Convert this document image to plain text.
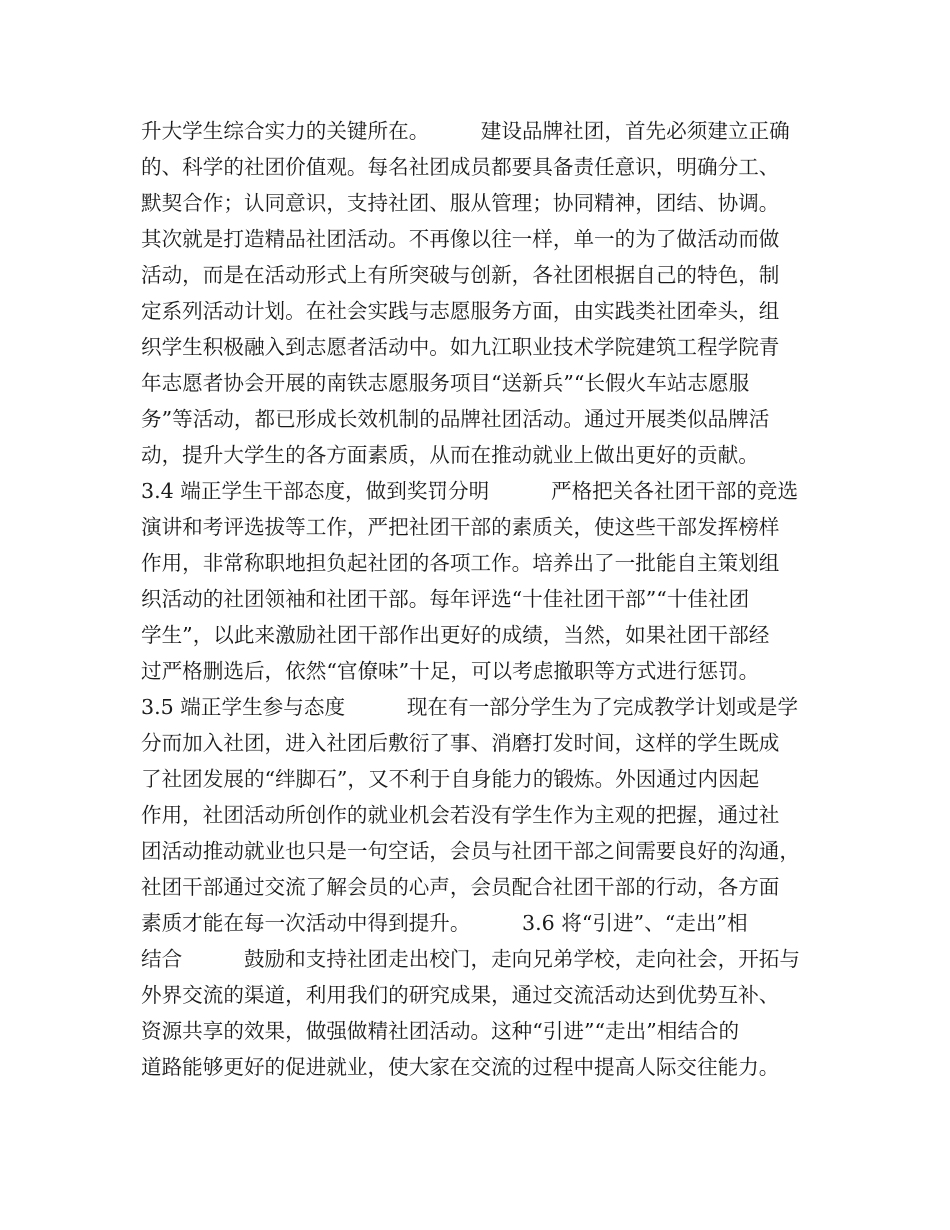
升大学生综合实力的关键所在。　　　建设品牌社团，首先必须建立正确
的、科学的社团价值观。每名社团成员都要具备责任意识，明确分工、
默契合作；认同意识，支持社团、服从管理；协同精神，团结、协调。
其次就是打造精品社团活动。不再像以往一样，单一的为了做活动而做
活动，而是在活动形式上有所突破与创新，各社团根据自己的特色，制
定系列活动计划。在社会实践与志愿服务方面，由实践类社团牵头，组
织学生积极融入到志愿者活动中。如九江职业技术学院建筑工程学院青
年志愿者协会开展的南铁志愿服务项目“送新兵”“长假火车站志愿服
务”等活动，都已形成长效机制的品牌社团活动。通过开展类似品牌活
动，提升大学生的各方面素质，从而在推动就业上做出更好的贡献。
3.4 端正学生干部态度，做到奖罚分明　　　严格把关各社团干部的竞选
演讲和考评选拔等工作，严把社团干部的素质关，使这些干部发挥榜样
作用，非常称职地担负起社团的各项工作。培养出了一批能自主策划组
织活动的社团领袖和社团干部。每年评选“十佳社团干部”“十佳社团
学生”，以此来激励社团干部作出更好的成绩，当然，如果社团干部经
过严格删选后，依然“官僚味”十足，可以考虑撤职等方式进行惩罚。
3.5 端正学生参与态度　　　现在有一部分学生为了完成教学计划或是学
分而加入社团，进入社团后敷衍了事、消磨打发时间，这样的学生既成
了社团发展的“绊脚石”，又不利于自身能力的锻炼。外因通过内因起
作用，社团活动所创作的就业机会若没有学生作为主观的把握，通过社
团活动推动就业也只是一句空话，会员与社团干部之间需要良好的沟通，
社团干部通过交流了解会员的心声，会员配合社团干部的行动，各方面
素质才能在每一次活动中得到提升。　　　3.6 将“引进”、“走出”相
结合　　　鼓励和支持社团走出校门，走向兄弟学校，走向社会，开拓与
外界交流的渠道，利用我们的研究成果，通过交流活动达到优势互补、
资源共享的效果，做强做精社团活动。这种“引进”“走出”相结合的
道路能够更好的促进就业，使大家在交流的过程中提高人际交往能力。
